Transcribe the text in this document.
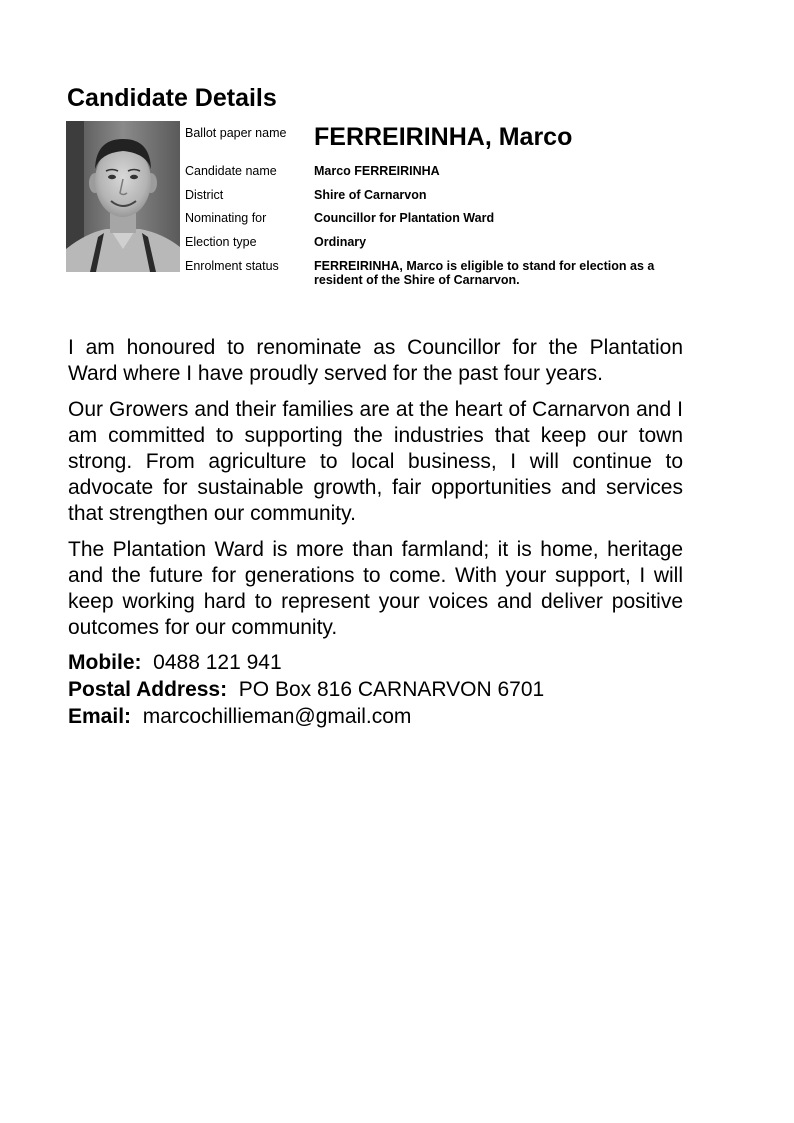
Candidate Details
Ballot paper name FERREIRINHA, Marco
Candidate name	Marco FERREIRINHA
District	Shire of Carnarvon
Nominating for	Councillor for Plantation Ward
Election type	Ordinary
Enrolment status	FERREIRINHA, Marco is eligible to stand for election as a resident of the Shire of Carnarvon.

I am honoured to renominate as Councillor for the Plantation Ward where I have proudly served for the past four years.

Our Growers and their families are at the heart of Carnarvon and I am committed to supporting the industries that keep our town strong. From agriculture to local business, I will continue to advocate for sustainable growth, fair opportunities and services that strengthen our community.

The Plantation Ward is more than farmland; it is home, heritage and the future for generations to come. With your support, I will keep working hard to represent your voices and deliver positive outcomes for our community.

Mobile: 0488 121 941
Postal Address: PO Box 816 CARNARVON 6701
Email: marcochillieman@gmail.com
